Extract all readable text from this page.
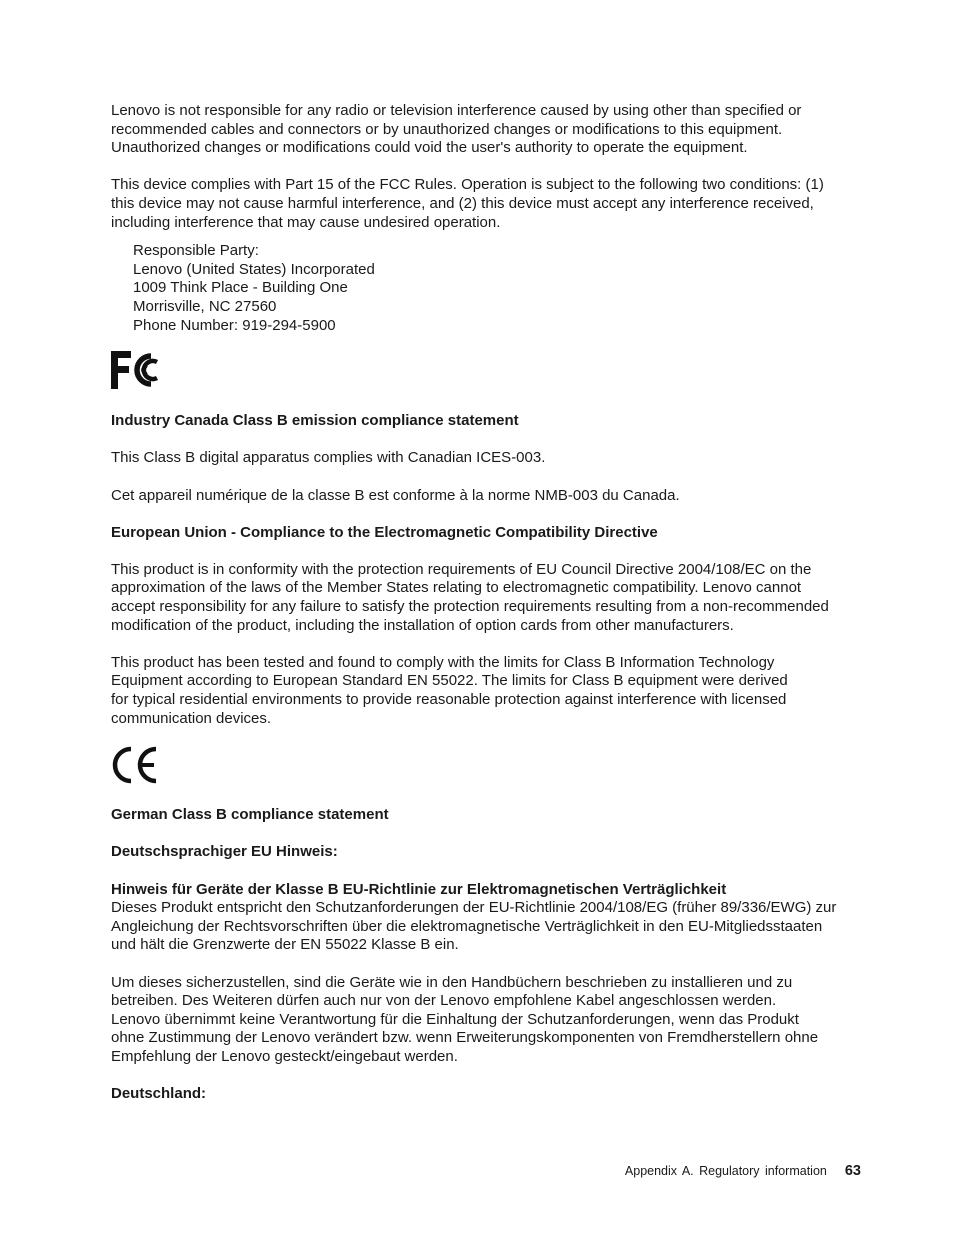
Lenovo is not responsible for any radio or television interference caused by using other than specified or
recommended cables and connectors or by unauthorized changes or modifications to this equipment.
Unauthorized changes or modifications could void the user's authority to operate the equipment.

This device complies with Part 15 of the FCC Rules. Operation is subject to the following two conditions: (1)
this device may not cause harmful interference, and (2) this device must accept any interference received,
including interference that may cause undesired operation.

Responsible Party:
Lenovo (United States) Incorporated
1009 Think Place - Building One
Morrisville, NC 27560
Phone Number: 919-294-5900

Industry Canada Class B emission compliance statement

This Class B digital apparatus complies with Canadian ICES-003.

Cet appareil numérique de la classe B est conforme à la norme NMB-003 du Canada.

European Union - Compliance to the Electromagnetic Compatibility Directive

This product is in conformity with the protection requirements of EU Council Directive 2004/108/EC on the
approximation of the laws of the Member States relating to electromagnetic compatibility. Lenovo cannot
accept responsibility for any failure to satisfy the protection requirements resulting from a non-recommended
modification of the product, including the installation of option cards from other manufacturers.

This product has been tested and found to comply with the limits for Class B Information Technology
Equipment according to European Standard EN 55022. The limits for Class B equipment were derived
for typical residential environments to provide reasonable protection against interference with licensed
communication devices.

German Class B compliance statement

Deutschsprachiger EU Hinweis:

Hinweis für Geräte der Klasse B EU-Richtlinie zur Elektromagnetischen Verträglichkeit

Dieses Produkt entspricht den Schutzanforderungen der EU-Richtlinie 2004/108/EG (früher 89/336/EWG) zur
Angleichung der Rechtsvorschriften über die elektromagnetische Verträglichkeit in den EU-Mitgliedsstaaten
und hält die Grenzwerte der EN 55022 Klasse B ein.

Um dieses sicherzustellen, sind die Geräte wie in den Handbüchern beschrieben zu installieren und zu
betreiben. Des Weiteren dürfen auch nur von der Lenovo empfohlene Kabel angeschlossen werden.
Lenovo übernimmt keine Verantwortung für die Einhaltung der Schutzanforderungen, wenn das Produkt
ohne Zustimmung der Lenovo verändert bzw. wenn Erweiterungskomponenten von Fremdherstellern ohne
Empfehlung der Lenovo gesteckt/eingebaut werden.

Deutschland:

Appendix A. Regulatory information 63
